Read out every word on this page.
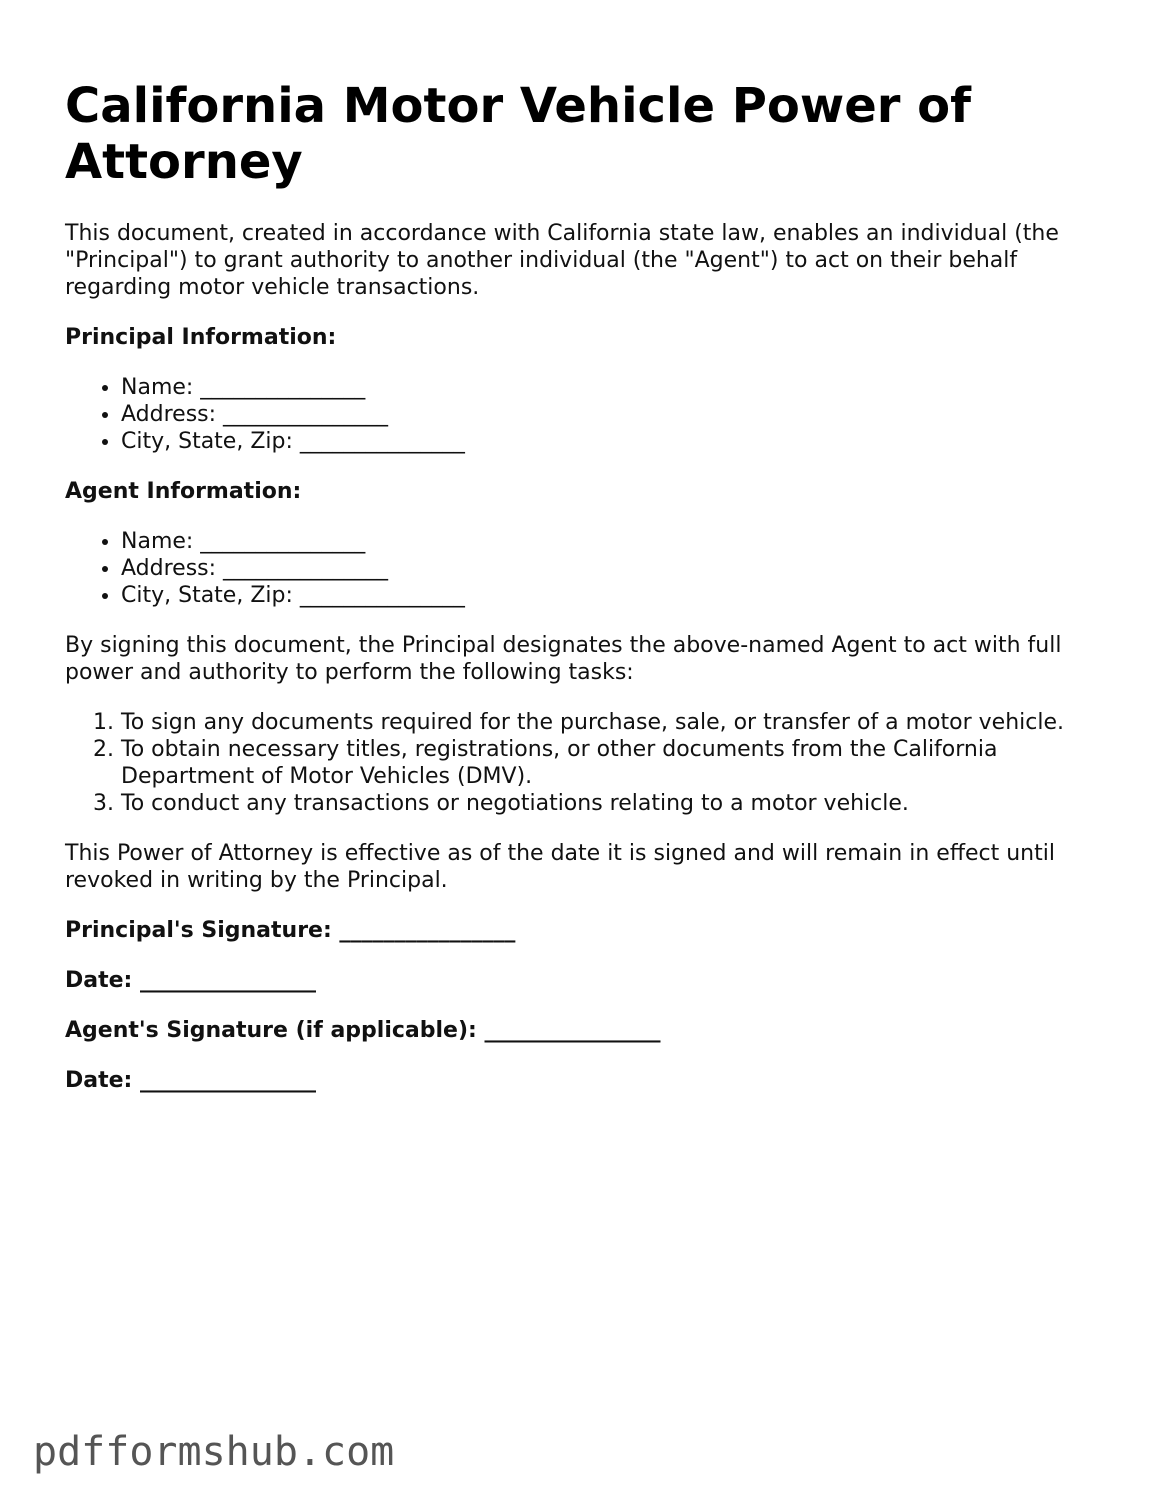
California Motor Vehicle Power of Attorney

This document, created in accordance with California state law, enables an individual (the "Principal") to grant authority to another individual (the "Agent") to act on their behalf regarding motor vehicle transactions.

Principal Information:

• Name: _______________
• Address: _______________
• City, State, Zip: _______________

Agent Information:

• Name: _______________
• Address: _______________
• City, State, Zip: _______________

By signing this document, the Principal designates the above-named Agent to act with full power and authority to perform the following tasks:

1. To sign any documents required for the purchase, sale, or transfer of a motor vehicle.
2. To obtain necessary titles, registrations, or other documents from the California Department of Motor Vehicles (DMV).
3. To conduct any transactions or negotiations relating to a motor vehicle.

This Power of Attorney is effective as of the date it is signed and will remain in effect until revoked in writing by the Principal.

Principal's Signature: ________________

Date: ________________

Agent's Signature (if applicable): ________________

Date: ________________

pdfformshub.com
